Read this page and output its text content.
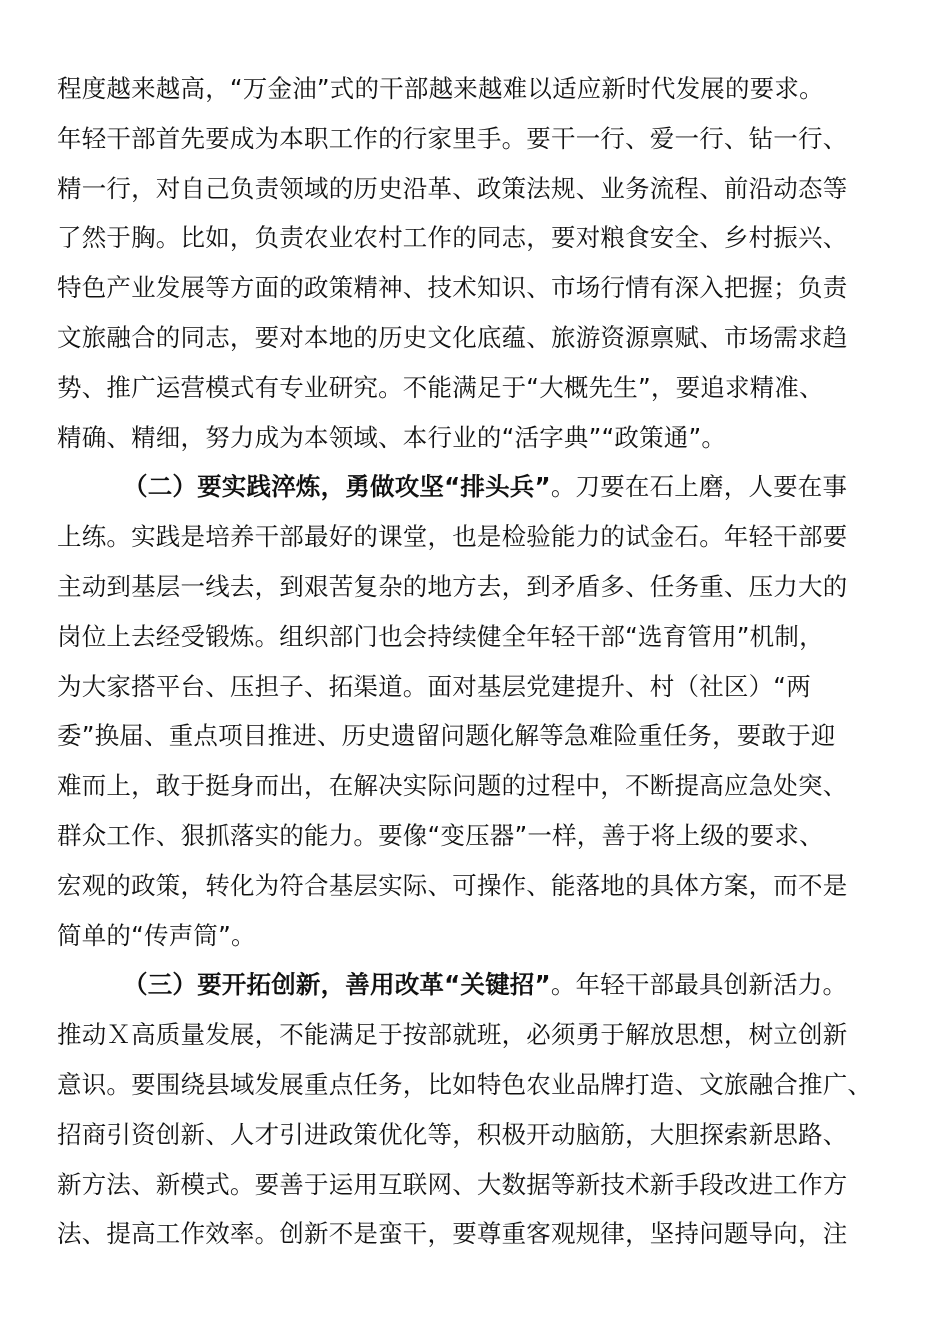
程度越来越高，“万金油”式的干部越来越难以适应新时代发展的要求。
年轻干部首先要成为本职工作的行家里手。要干一行、爱一行、钻一行、
精一行，对自己负责领域的历史沿革、政策法规、业务流程、前沿动态等
了然于胸。比如，负责农业农村工作的同志，要对粮食安全、乡村振兴、
特色产业发展等方面的政策精神、技术知识、市场行情有深入把握；负责
文旅融合的同志，要对本地的历史文化底蕴、旅游资源禀赋、市场需求趋
势、推广运营模式有专业研究。不能满足于“大概先生”，要追求精准、
精确、精细，努力成为本领域、本行业的“活字典”“政策通”。
（二）要实践淬炼，勇做攻坚“排头兵”。刀要在石上磨，人要在事
上练。实践是培养干部最好的课堂，也是检验能力的试金石。年轻干部要
主动到基层一线去，到艰苦复杂的地方去，到矛盾多、任务重、压力大的
岗位上去经受锻炼。组织部门也会持续健全年轻干部“选育管用”机制，
为大家搭平台、压担子、拓渠道。面对基层党建提升、村（社区）“两
委”换届、重点项目推进、历史遗留问题化解等急难险重任务，要敢于迎
难而上，敢于挺身而出，在解决实际问题的过程中，不断提高应急处突、
群众工作、狠抓落实的能力。要像“变压器”一样，善于将上级的要求、
宏观的政策，转化为符合基层实际、可操作、能落地的具体方案，而不是
简单的“传声筒”。
（三）要开拓创新，善用改革“关键招”。年轻干部最具创新活力。
推动Ｘ高质量发展，不能满足于按部就班，必须勇于解放思想，树立创新
意识。要围绕县域发展重点任务，比如特色农业品牌打造、文旅融合推广、
招商引资创新、人才引进政策优化等，积极开动脑筋，大胆探索新思路、
新方法、新模式。要善于运用互联网、大数据等新技术新手段改进工作方
法、提高工作效率。创新不是蛮干，要尊重客观规律，坚持问题导向，注
